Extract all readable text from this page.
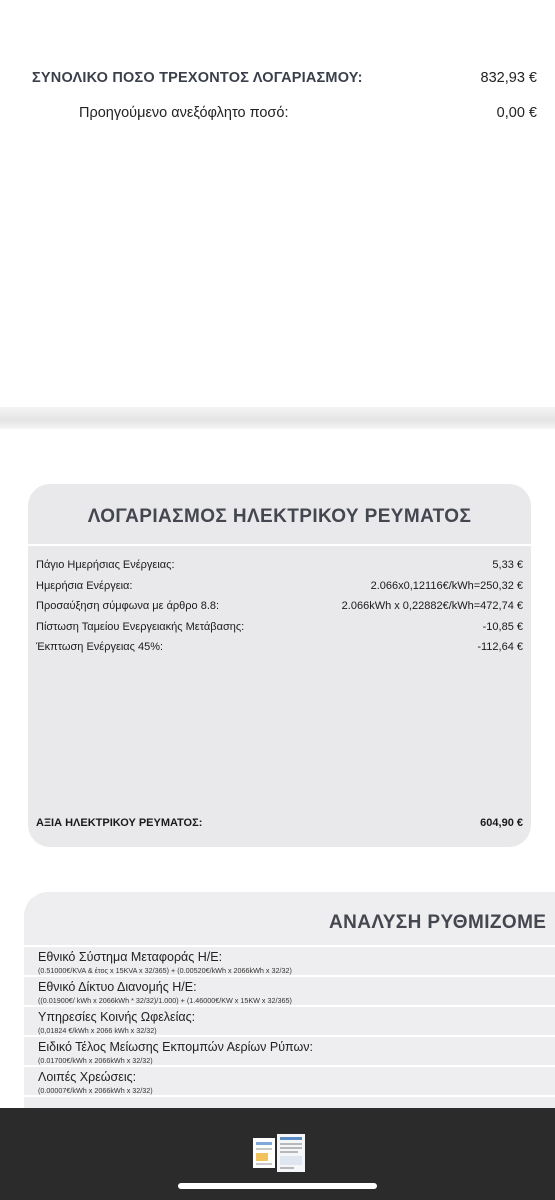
ΣΥΝΟΛΙΚΟ ΠΟΣΟ ΤΡΕΧΟΝΤΟΣ ΛΟΓΑΡΙΑΣΜΟΥ:	832,93 €
Προηγούμενο ανεξόφλητο ποσό:	0,00 €
ΛΟΓΑΡΙΑΣΜΟΣ ΗΛΕΚΤΡΙΚΟΥ ΡΕΥΜΑΤΟΣ
Πάγιο Ημερήσιας Ενέργειας:	5,33 €
Ημερήσια Ενέργεια:	2.066x0,12116€/kWh=250,32 €
Προσαύξηση σύμφωνα με άρθρο 8.8:	2.066kWh x 0,22882€/kWh=472,74 €
Πίστωση Ταμείου Ενεργειακής Μετάβασης:	-10,85 €
Έκπτωση Ενέργειας 45%:	-112,64 €
ΑΞΙΑ ΗΛΕΚΤΡΙΚΟΥ ΡΕΥΜΑΤΟΣ:	604,90 €
ΑΝΑΛΥΣΗ ΡΥΘΜΙΖΟΜΕ
Εθνικό Σύστημα Μεταφοράς Η/Ε:
(0.51000€/KVA & έτος x 15KVA x 32/365) + (0.00520€/kWh x 2066kWh x 32/32)
Εθνικό Δίκτυο Διανομής Η/Ε:
((0.01900€/ kWh x 2066kWh * 32/32)/1.000) + (1.46000€/KW x 15KW x 32/365)
Υπηρεσίες Κοινής Ωφελείας:
(0,01824 €/kWh x 2066 kWh x 32/32)
Ειδικό Τέλος Μείωσης Εκπομπών Αερίων Ρύπων:
(0.01700€/kWh x 2066kWh x 32/32)
Λοιπές Χρεώσεις:
(0.00007€/kWh x 2066kWh x 32/32)
